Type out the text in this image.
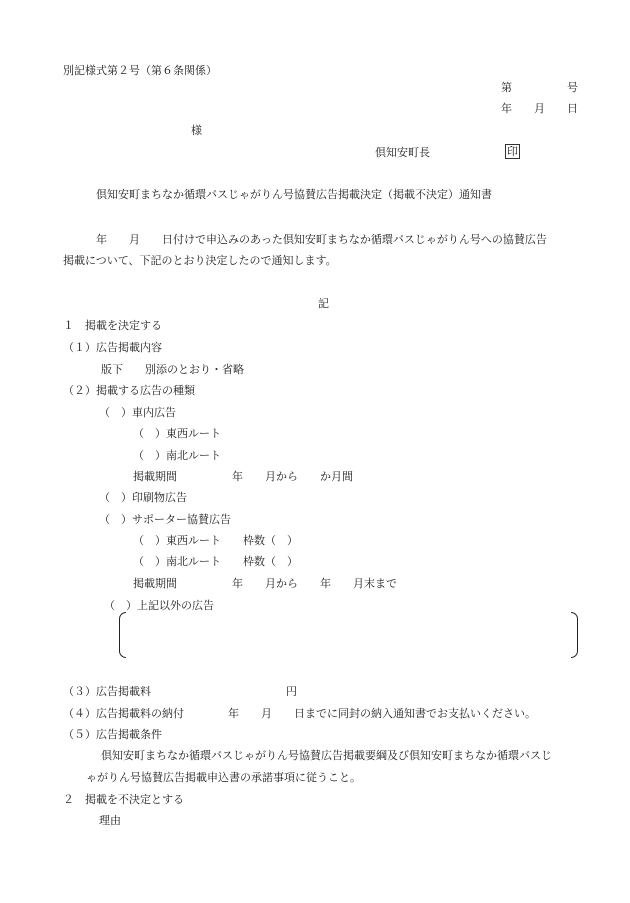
別記様式第２号（第６条関係）
第　　　　　号
年　　月　　日
様
倶知安町長	印
倶知安町まちなか循環バスじゃがりん号協賛広告掲載決定（掲載不決定）通知書
年　　月　　日付けで申込みのあった倶知安町まちなか循環バスじゃがりん号への協賛広告
掲載について、下記のとおり決定したので通知します。
記
１　掲載を決定する
（１）広告掲載内容
版下　　別添のとおり・省略
（２）掲載する広告の種類
（　）車内広告
（　）東西ルート
（　）南北ルート
掲載期間　　　　　年　　月から　　か月間
（　）印刷物広告
（　）サポーター協賛広告
（　）東西ルート　　枠数（　）
（　）南北ルート　　枠数（　）
掲載期間　　　　　年　　月から　　年　　月末まで
（　）上記以外の広告
（３）広告掲載料	円
（４）広告掲載料の納付　　　　年　　月　　日までに同封の納入通知書でお支払いください。
（５）広告掲載条件
倶知安町まちなか循環バスじゃがりん号協賛広告掲載要綱及び倶知安町まちなか循環バスじ
ゃがりん号協賛広告掲載申込書の承諾事項に従うこと。
２　掲載を不決定とする
理由
